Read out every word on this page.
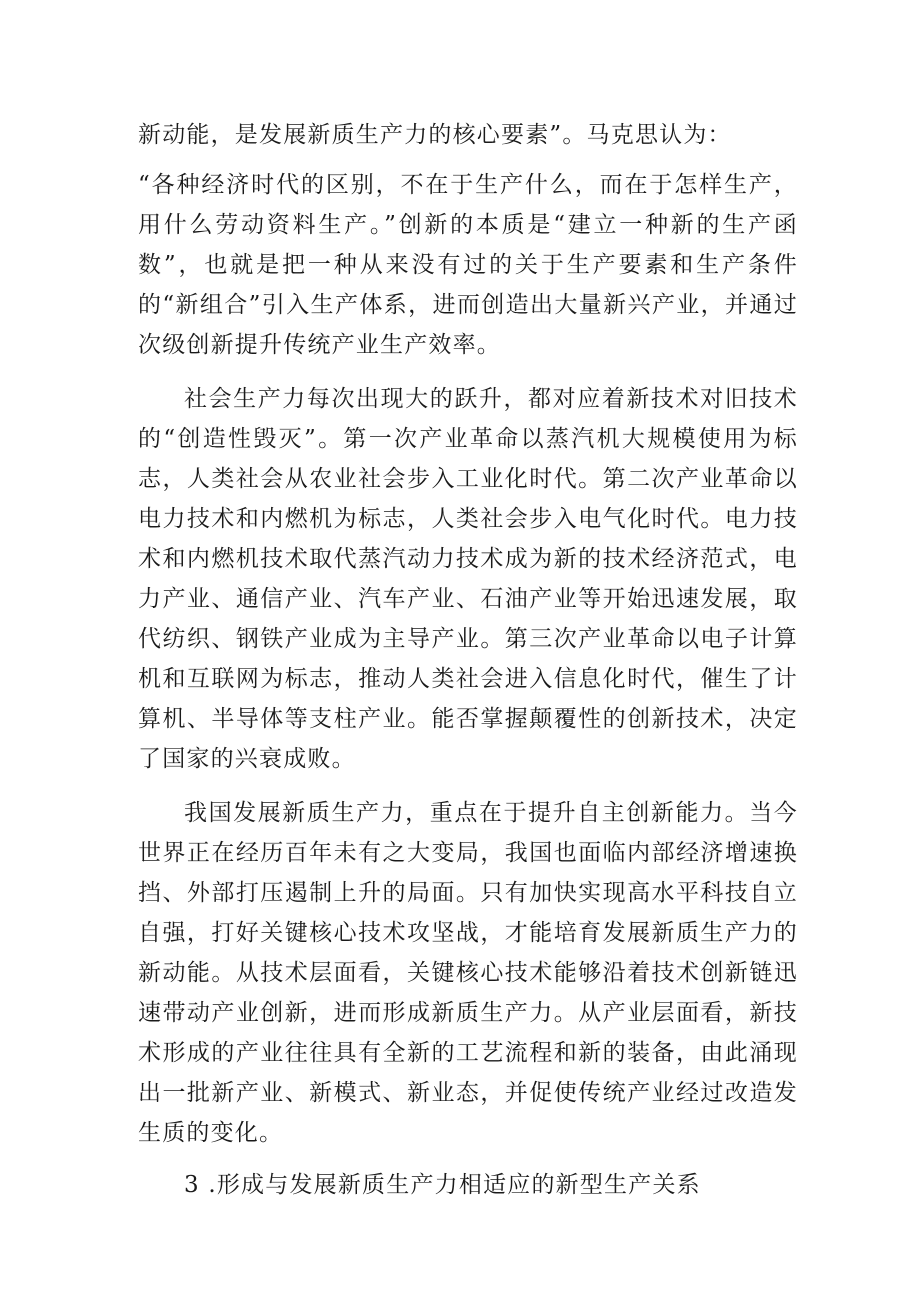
新动能，是发展新质生产力的核心要素”。马克思认为：

“各种经济时代的区别，不在于生产什么，而在于怎样生产，用什么劳动资料生产。”创新的本质是“建立一种新的生产函数”，也就是把一种从来没有过的关于生产要素和生产条件的“新组合”引入生产体系，进而创造出大量新兴产业，并通过次级创新提升传统产业生产效率。

社会生产力每次出现大的跃升，都对应着新技术对旧技术的“创造性毁灭”。第一次产业革命以蒸汽机大规模使用为标志，人类社会从农业社会步入工业化时代。第二次产业革命以电力技术和内燃机为标志，人类社会步入电气化时代。电力技术和内燃机技术取代蒸汽动力技术成为新的技术经济范式，电力产业、通信产业、汽车产业、石油产业等开始迅速发展，取代纺织、钢铁产业成为主导产业。第三次产业革命以电子计算机和互联网为标志，推动人类社会进入信息化时代，催生了计算机、半导体等支柱产业。能否掌握颠覆性的创新技术，决定了国家的兴衰成败。

我国发展新质生产力，重点在于提升自主创新能力。当今世界正在经历百年未有之大变局，我国也面临内部经济增速换挡、外部打压遏制上升的局面。只有加快实现高水平科技自立自强，打好关键核心技术攻坚战，才能培育发展新质生产力的新动能。从技术层面看，关键核心技术能够沿着技术创新链迅速带动产业创新，进而形成新质生产力。从产业层面看，新技术形成的产业往往具有全新的工艺流程和新的装备，由此涌现出一批新产业、新模式、新业态，并促使传统产业经过改造发生质的变化。

3 .形成与发展新质生产力相适应的新型生产关系
